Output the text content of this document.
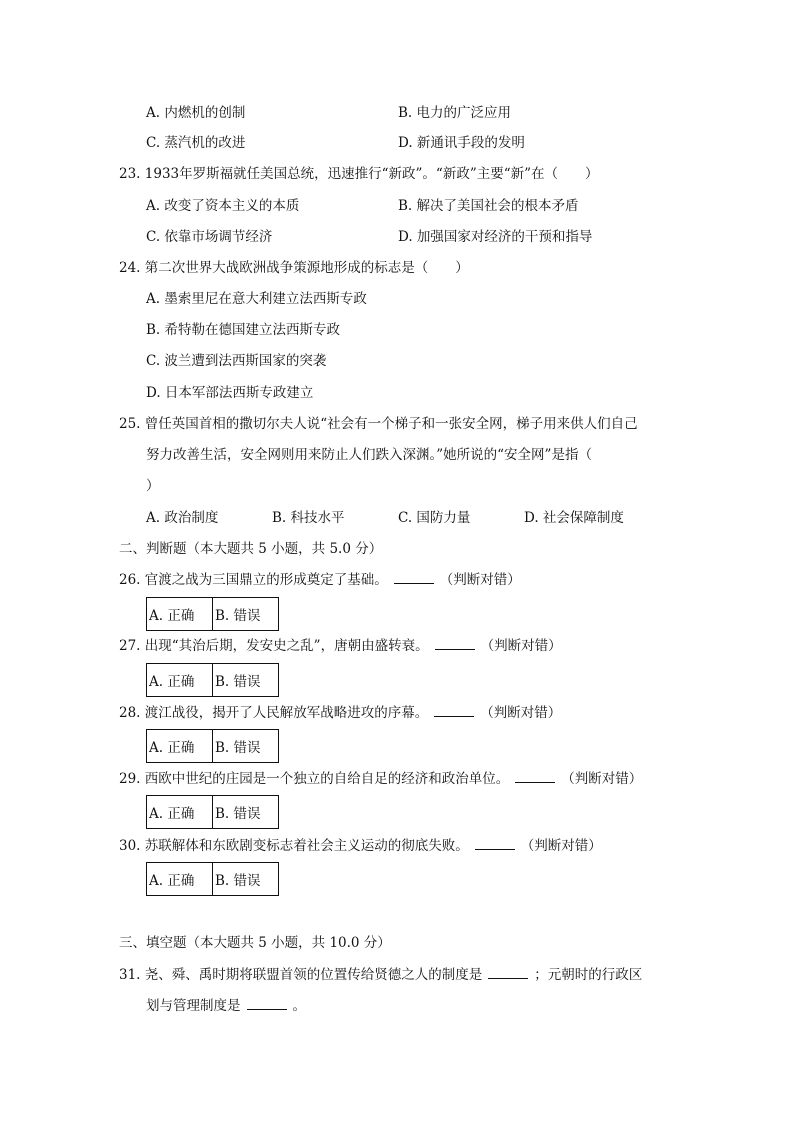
A. 内燃机的创制	B. 电力的广泛应用
C. 蒸汽机的改进	D. 新通讯手段的发明
23. 1933年罗斯福就任美国总统，迅速推行“新政”。“新政”主要“新”在（　　）
A. 改变了资本主义的本质	B. 解决了美国社会的根本矛盾
C. 依靠市场调节经济	D. 加强国家对经济的干预和指导
24. 第二次世界大战欧洲战争策源地形成的标志是（　　）
A. 墨索里尼在意大利建立法西斯专政
B. 希特勒在德国建立法西斯专政
C. 波兰遭到法西斯国家的突袭
D. 日本军部法西斯专政建立
25. 曾任英国首相的撒切尔夫人说“社会有一个梯子和一张安全网，梯子用来供人们自己
努力改善生活，安全网则用来防止人们跌入深渊。”她所说的“安全网”是指（
）
A. 政治制度	B. 科技水平	C. 国防力量	D. 社会保障制度
二、判断题（本大题共 5 小题，共 5.0 分）
26. 官渡之战为三国鼎立的形成奠定了基础。	（判断对错）
A. 正确	B. 错误
27. 出现“其治后期，发安史之乱”，唐朝由盛转衰。	（判断对错）
A. 正确	B. 错误
28. 渡江战役，揭开了人民解放军战略进攻的序幕。	（判断对错）
A. 正确	B. 错误
29. 西欧中世纪的庄园是一个独立的自给自足的经济和政治单位。	（判断对错）
A. 正确	B. 错误
30. 苏联解体和东欧剧变标志着社会主义运动的彻底失败。	（判断对错）
A. 正确	B. 错误
三、填空题（本大题共 5 小题，共 10.0 分）
31. 尧、舜、禹时期将联盟首领的位置传给贤德之人的制度是	；元朝时的行政区
划与管理制度是	。
